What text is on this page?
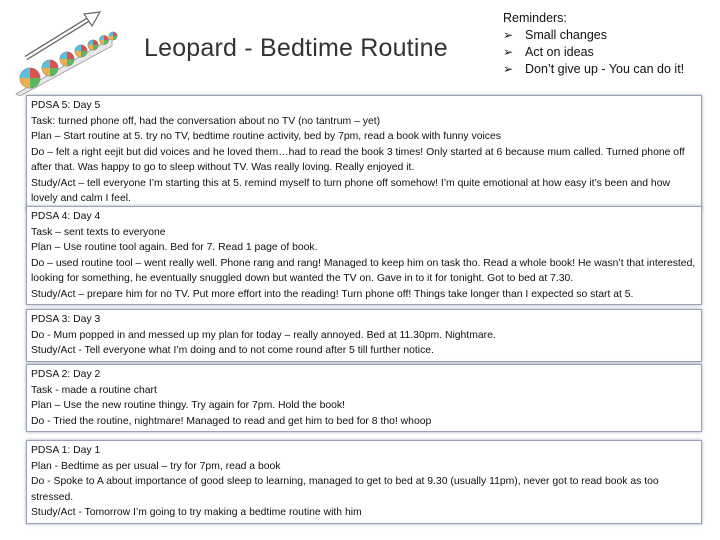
Leopard - Bedtime Routine
Reminders:
➢ Small changes
➢ Act on ideas
➢ Don’t give up - You can do it!

PDSA 5: Day 5

Task: turned phone off, had the conversation about no TV (no tantrum – yet)

Plan – Start routine at 5. try no TV, bedtime routine activity, bed by 7pm, read a book with funny voices

Do – felt a right eejit but did voices and he loved them…had to read the book 3 times! Only started at 6 because mum called. Turned phone off after that. Was happy to go to sleep without TV. Was really loving. Really enjoyed it.

Study/Act – tell everyone I’m starting this at 5. remind myself to turn phone off somehow! I’m quite emotional at how easy it’s been and how lovely and calm I feel.

PDSA 4: Day 4

Task – sent texts to everyone

Plan – Use routine tool again. Bed for 7. Read 1 page of book.

Do – used routine tool – went really well. Phone rang and rang! Managed to keep him on task tho. Read a whole book! He wasn’t that interested, looking for something, he eventually snuggled down but wanted the TV on. Gave in to it for tonight. Got to bed at 7.30.

Study/Act – prepare him for no TV. Put more effort into the reading! Turn phone off! Things take longer than I expected so start at 5.

PDSA 3: Day 3

Do - Mum popped in and messed up my plan for today – really annoyed. Bed at 11.30pm. Nightmare.

Study/Act - Tell everyone what I’m doing and to not come round after 5 till further notice.

PDSA 2: Day 2

Task - made a routine chart

Plan – Use the new routine thingy. Try again for 7pm. Hold the book!

Do - Tried the routine, nightmare! Managed to read and get him to bed for 8 tho! whoop

PDSA 1: Day 1

Plan - Bedtime as per usual – try for 7pm, read a book

Do - Spoke to A about importance of good sleep to learning, managed to get to bed at 9.30 (usually 11pm), never got to read book as too stressed.

Study/Act - Tomorrow I’m going to try making a bedtime routine with him
